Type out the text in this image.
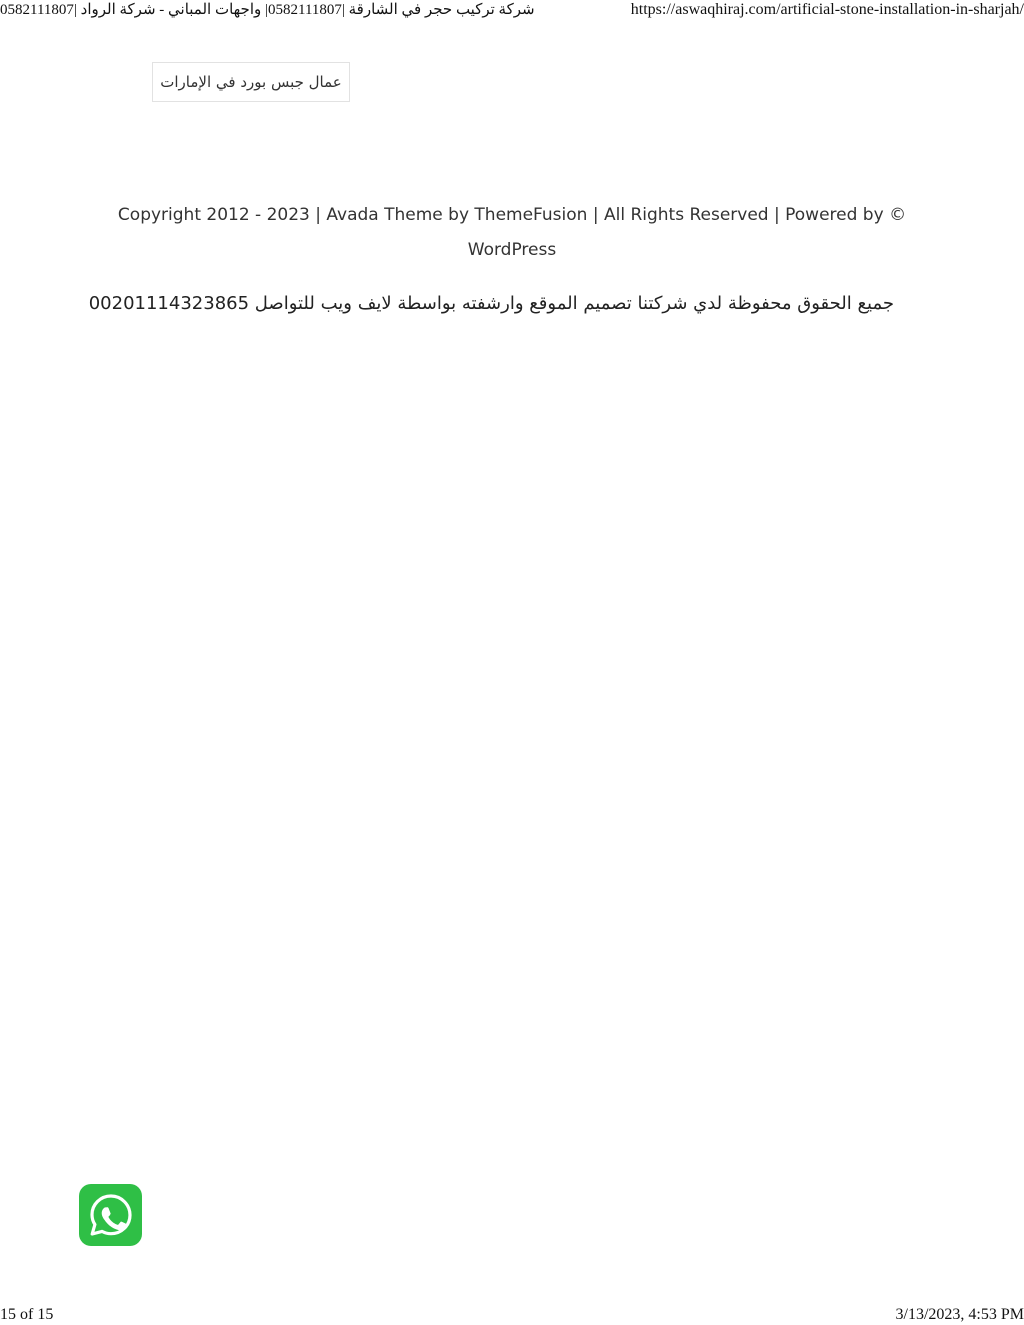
شركة تركيب حجر في الشارقة |0582111807| واجهات المباني - شركة الرواد |0582111807	https://aswaqhiraj.com/artificial-stone-installation-in-sharjah/
عمال جبس بورد في الإمارات
Copyright 2012 - 2023 | Avada Theme by ThemeFusion | All Rights Reserved | Powered by ©
WordPress
جميع الحقوق محفوظة لدي شركتنا تصميم الموقع وارشفته بواسطة لايف ويب للتواصل 00201114323865
15 of 15	3/13/2023, 4:53 PM
